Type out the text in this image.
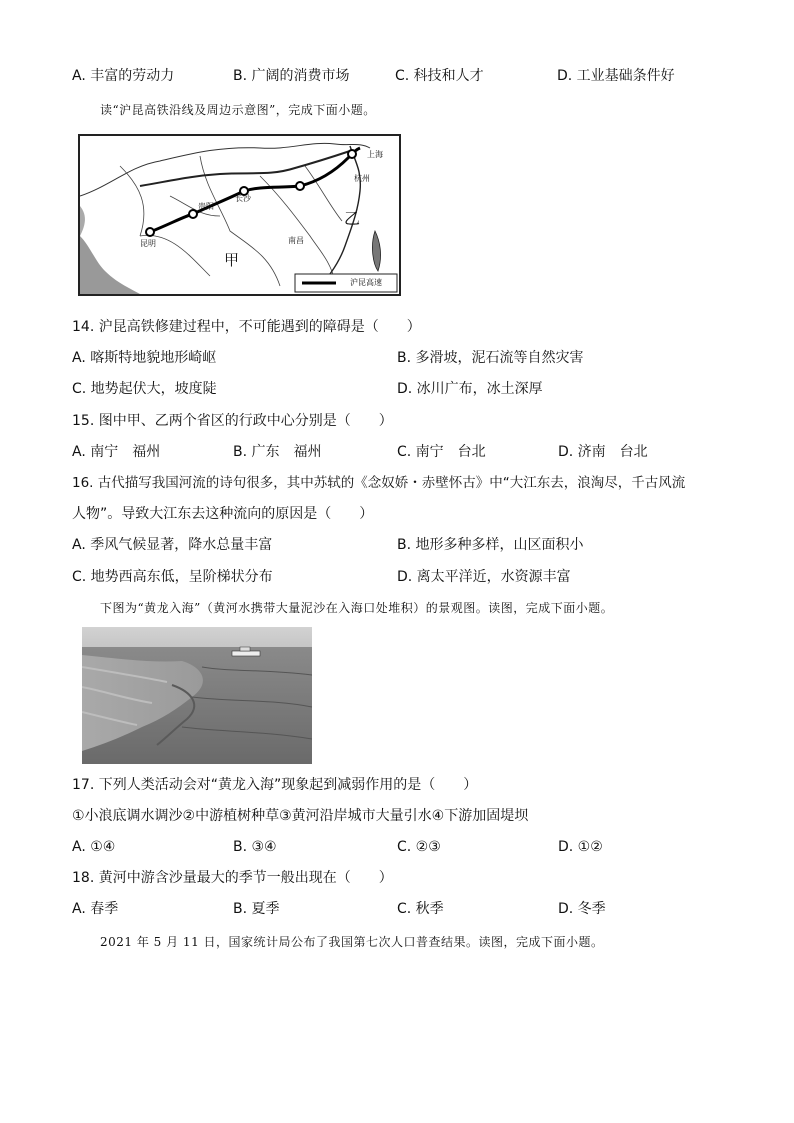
A. 丰富的劳动力	B. 广阔的消费市场	C. 科技和人才	D. 工业基础条件好
读“沪昆高铁沿线及周边示意图”，完成下面小题。
上海
杭州
长沙
贵阳
南昌
昆明
甲
乙
沪昆高速
14. 沪昆高铁修建过程中，不可能遇到的障碍是（　　）
A. 喀斯特地貌地形崎岖	B. 多滑坡，泥石流等自然灾害
C. 地势起伏大，坡度陡	D. 冰川广布，冰土深厚
15. 图中甲、乙两个省区的行政中心分别是（　　）
A. 南宁　福州	B. 广东　福州	C. 南宁　台北	D. 济南　台北
16. 古代描写我国河流的诗句很多，其中苏轼的《念奴娇・赤壁怀古》中“大江东去，浪淘尽，千古风流
人物”。导致大江东去这种流向的原因是（　　）
A. 季风气候显著，降水总量丰富	B. 地形多种多样，山区面积小
C. 地势西高东低，呈阶梯状分布	D. 离太平洋近，水资源丰富
下图为“黄龙入海”（黄河水携带大量泥沙在入海口处堆积）的景观图。读图，完成下面小题。
17. 下列人类活动会对“黄龙入海”现象起到减弱作用的是（　　）
①小浪底调水调沙②中游植树种草③黄河沿岸城市大量引水④下游加固堤坝
A. ①④	B. ③④	C. ②③	D. ①②
18. 黄河中游含沙量最大的季节一般出现在（　　）
A. 春季	B. 夏季	C. 秋季	D. 冬季
2021 年 5 月 11 日，国家统计局公布了我国第七次人口普查结果。读图，完成下面小题。
